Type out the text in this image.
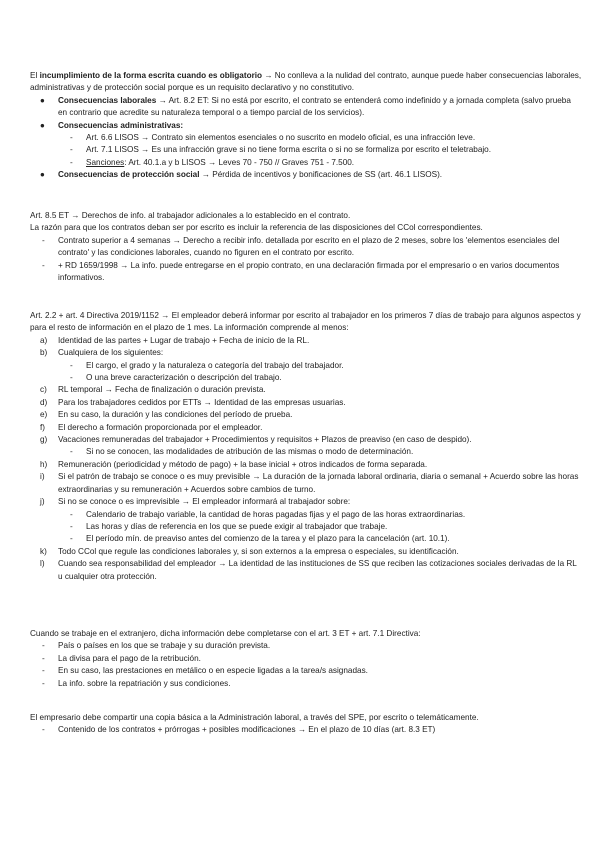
El incumplimiento de la forma escrita cuando es obligatorio → No conlleva a la nulidad del contrato, aunque puede haber consecuencias laborales, administrativas y de protección social porque es un requisito declarativo y no constitutivo.

● Consecuencias laborales → Art. 8.2 ET: Si no está por escrito, el contrato se entenderá como indefinido y a jornada completa (salvo prueba en contrario que acredite su naturaleza temporal o a tiempo parcial de los servicios).
● Consecuencias administrativas:
- Art. 6.6 LISOS → Contrato sin elementos esenciales o no suscrito en modelo oficial, es una infracción leve.
- Art. 7.1 LISOS → Es una infracción grave si no tiene forma escrita o si no se formaliza por escrito el teletrabajo.
- Sanciones: Art. 40.1.a y b LISOS → Leves 70 - 750 // Graves 751 - 7.500.
● Consecuencias de protección social → Pérdida de incentivos y bonificaciones de SS (art. 46.1 LISOS).

Art. 8.5 ET → Derechos de info. al trabajador adicionales a lo establecido en el contrato.

La razón para que los contratos deban ser por escrito es incluir la referencia de las disposiciones del CCol correspondientes.

- Contrato superior a 4 semanas → Derecho a recibir info. detallada por escrito en el plazo de 2 meses, sobre los 'elementos esenciales del contrato' y las condiciones laborales, cuando no figuren en el contrato por escrito.
- + RD 1659/1998 → La info. puede entregarse en el propio contrato, en una declaración firmada por el empresario o en varios documentos informativos.

Art. 2.2 + art. 4 Directiva 2019/1152 → El empleador deberá informar por escrito al trabajador en los primeros 7 días de trabajo para algunos aspectos y para el resto de información en el plazo de 1 mes. La información comprende al menos:

a) Identidad de las partes + Lugar de trabajo + Fecha de inicio de la RL.
b) Cualquiera de los siguientes:
- El cargo, el grado y la naturaleza o categoría del trabajo del trabajador.
- O una breve caracterización o descripción del trabajo.
c) RL temporal → Fecha de finalización o duración prevista.
d) Para los trabajadores cedidos por ETTs → Identidad de las empresas usuarias.
e) En su caso, la duración y las condiciones del período de prueba.
f) El derecho a formación proporcionada por el empleador.
g) Vacaciones remuneradas del trabajador + Procedimientos y requisitos + Plazos de preaviso (en caso de despido).
- Si no se conocen, las modalidades de atribución de las mismas o modo de determinación.
h) Remuneración (periodicidad y método de pago) + la base inicial + otros indicados de forma separada.
i) Si el patrón de trabajo se conoce o es muy previsible → La duración de la jornada laboral ordinaria, diaria o semanal + Acuerdo sobre las horas extraordinarias y su remuneración + Acuerdos sobre cambios de turno.
j) Si no se conoce o es imprevisible → El empleador informará al trabajador sobre:
- Calendario de trabajo variable, la cantidad de horas pagadas fijas y el pago de las horas extraordinarias.
- Las horas y días de referencia en los que se puede exigir al trabajador que trabaje.
- El período mín. de preaviso antes del comienzo de la tarea y el plazo para la cancelación (art. 10.1).
k) Todo CCol que regule las condiciones laborales y, si son externos a la empresa o especiales, su identificación.
l) Cuando sea responsabilidad del empleador → La identidad de las instituciones de SS que reciben las cotizaciones sociales derivadas de la RL u cualquier otra protección.

Cuando se trabaje en el extranjero, dicha información debe completarse con el art. 3 ET + art. 7.1 Directiva:

- País o países en los que se trabaje y su duración prevista.
- La divisa para el pago de la retribución.
- En su caso, las prestaciones en metálico o en especie ligadas a la tarea/s asignadas.
- La info. sobre la repatriación y sus condiciones.

El empresario debe compartir una copia básica a la Administración laboral, a través del SPE, por escrito o telemáticamente.

- Contenido de los contratos + prórrogas + posibles modificaciones → En el plazo de 10 días (art. 8.3 ET)
